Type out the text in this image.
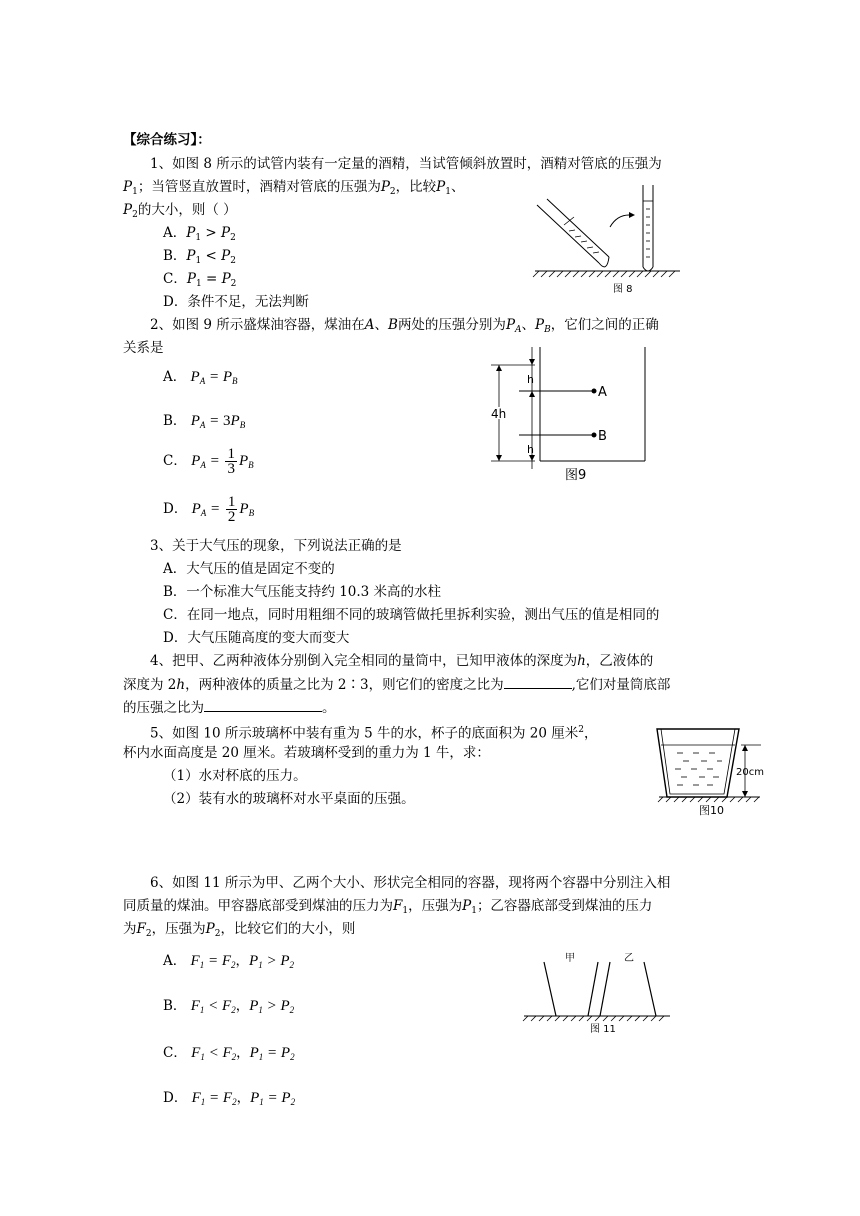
【综合练习】：
1、如图 8 所示的试管内装有一定量的酒精，当试管倾斜放置时，酒精对管底的压强为
$P_1$；当管竖直放置时，酒精对管底的压强为$P_2$，比较$P_1$、
$P_2$的大小，则（ ）
A．$P_1 > P_2$
B．$P_1 < P_2$
C．$P_1 = P_2$
D．条件不足，无法判断
图 8
2、如图 9 所示盛煤油容器，煤油在A、B两处的压强分别为$P_A$、$P_B$，它们之间的正确
关系是
A． $P_A = P_B$
B． $P_A = 3P_B$
C． $P_A = \frac{1}{3} P_B$
D． $P_A = \frac{1}{2} P_B$
4h
h
A
B
h
图9
3、关于大气压的现象，下列说法正确的是
A．大气压的值是固定不变的
B．一个标准大气压能支持约 10.3 米高的水柱
C．在同一地点，同时用粗细不同的玻璃管做托里拆利实验，测出气压的值是相同的
D．大气压随高度的变大而变大
4、把甲、乙两种液体分别倒入完全相同的量筒中，已知甲液体的深度为h，乙液体的
深度为 2h，两种液体的质量之比为 2∶3，则它们的密度之比为	,它们对量筒底部
的压强之比为	。
5、如图 10 所示玻璃杯中装有重为 5 牛的水，杯子的底面积为 20 厘米$^2$，
杯内水面高度是 20 厘米。若玻璃杯受到的重力为 1 牛，求：
（1）水对杯底的压力。
（2）装有水的玻璃杯对水平桌面的压强。
20cm
图10
6、如图 11 所示为甲、乙两个大小、形状完全相同的容器，现将两个容器中分别注入相
同质量的煤油。甲容器底部受到煤油的压力为$F_1$，压强为$P_1$；乙容器底部受到煤油的压力
为$F_2$，压强为$P_2$，比较它们的大小，则
A． $F_1 = F_2$，$P_1 > P_2$
B． $F_1 < F_2$，$P_1 > P_2$
C． $F_1 < F_2$，$P_1 = P_2$
D． $F_1 = F_2$，$P_1 = P_2$
甲	乙
图 11
